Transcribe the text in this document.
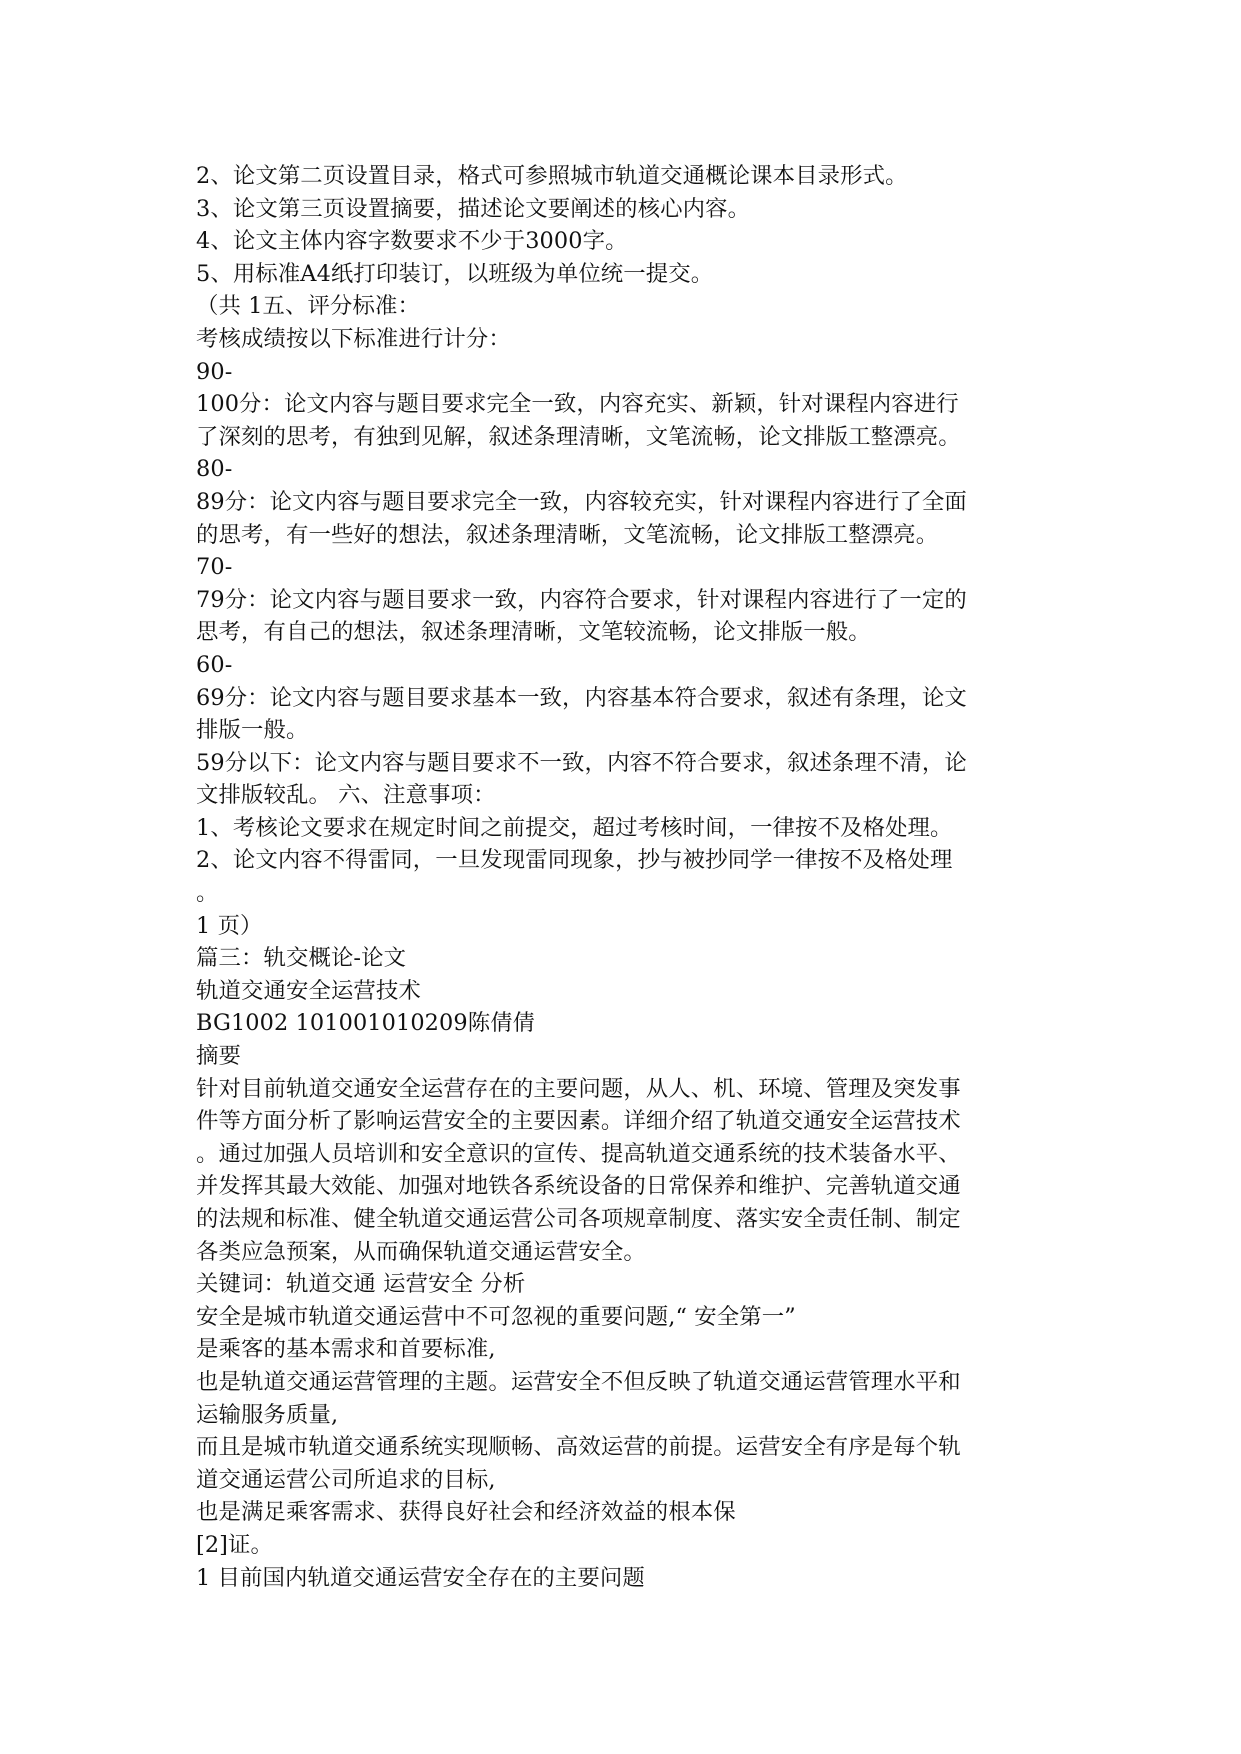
2、论文第二页设置目录，格式可参照城市轨道交通概论课本目录形式。
3、论文第三页设置摘要，描述论文要阐述的核心内容。
4、论文主体内容字数要求不少于3000字。
5、用标准A4纸打印装订，以班级为单位统一提交。
（共 1五、评分标准：
考核成绩按以下标准进行计分：
90-
100分：论文内容与题目要求完全一致，内容充实、新颖，针对课程内容进行
了深刻的思考，有独到见解，叙述条理清晰，文笔流畅，论文排版工整漂亮。
80-
89分：论文内容与题目要求完全一致，内容较充实，针对课程内容进行了全面
的思考，有一些好的想法，叙述条理清晰，文笔流畅，论文排版工整漂亮。
70-
79分：论文内容与题目要求一致，内容符合要求，针对课程内容进行了一定的
思考，有自己的想法，叙述条理清晰，文笔较流畅，论文排版一般。
60-
69分：论文内容与题目要求基本一致，内容基本符合要求，叙述有条理，论文
排版一般。
59分以下：论文内容与题目要求不一致，内容不符合要求，叙述条理不清，论
文排版较乱。 六、注意事项：
1、考核论文要求在规定时间之前提交，超过考核时间，一律按不及格处理。
2、论文内容不得雷同，一旦发现雷同现象，抄与被抄同学一律按不及格处理
。
1 页）
篇三：轨交概论-论文
轨道交通安全运营技术
BG1002 101001010209陈倩倩
摘要
针对目前轨道交通安全运营存在的主要问题，从人、机、环境、管理及突发事
件等方面分析了影响运营安全的主要因素。详细介绍了轨道交通安全运营技术
。通过加强人员培训和安全意识的宣传、提高轨道交通系统的技术装备水平、
并发挥其最大效能、加强对地铁各系统设备的日常保养和维护、完善轨道交通
的法规和标准、健全轨道交通运营公司各项规章制度、落实安全责任制、制定
各类应急预案，从而确保轨道交通运营安全。
关键词：轨道交通 运营安全 分析
安全是城市轨道交通运营中不可忽视的重要问题,“ 安全第一”
是乘客的基本需求和首要标准,
也是轨道交通运营管理的主题。运营安全不但反映了轨道交通运营管理水平和
运输服务质量,
而且是城市轨道交通系统实现顺畅、高效运营的前提。运营安全有序是每个轨
道交通运营公司所追求的目标,
也是满足乘客需求、获得良好社会和经济效益的根本保
[2]证。
1 目前国内轨道交通运营安全存在的主要问题
